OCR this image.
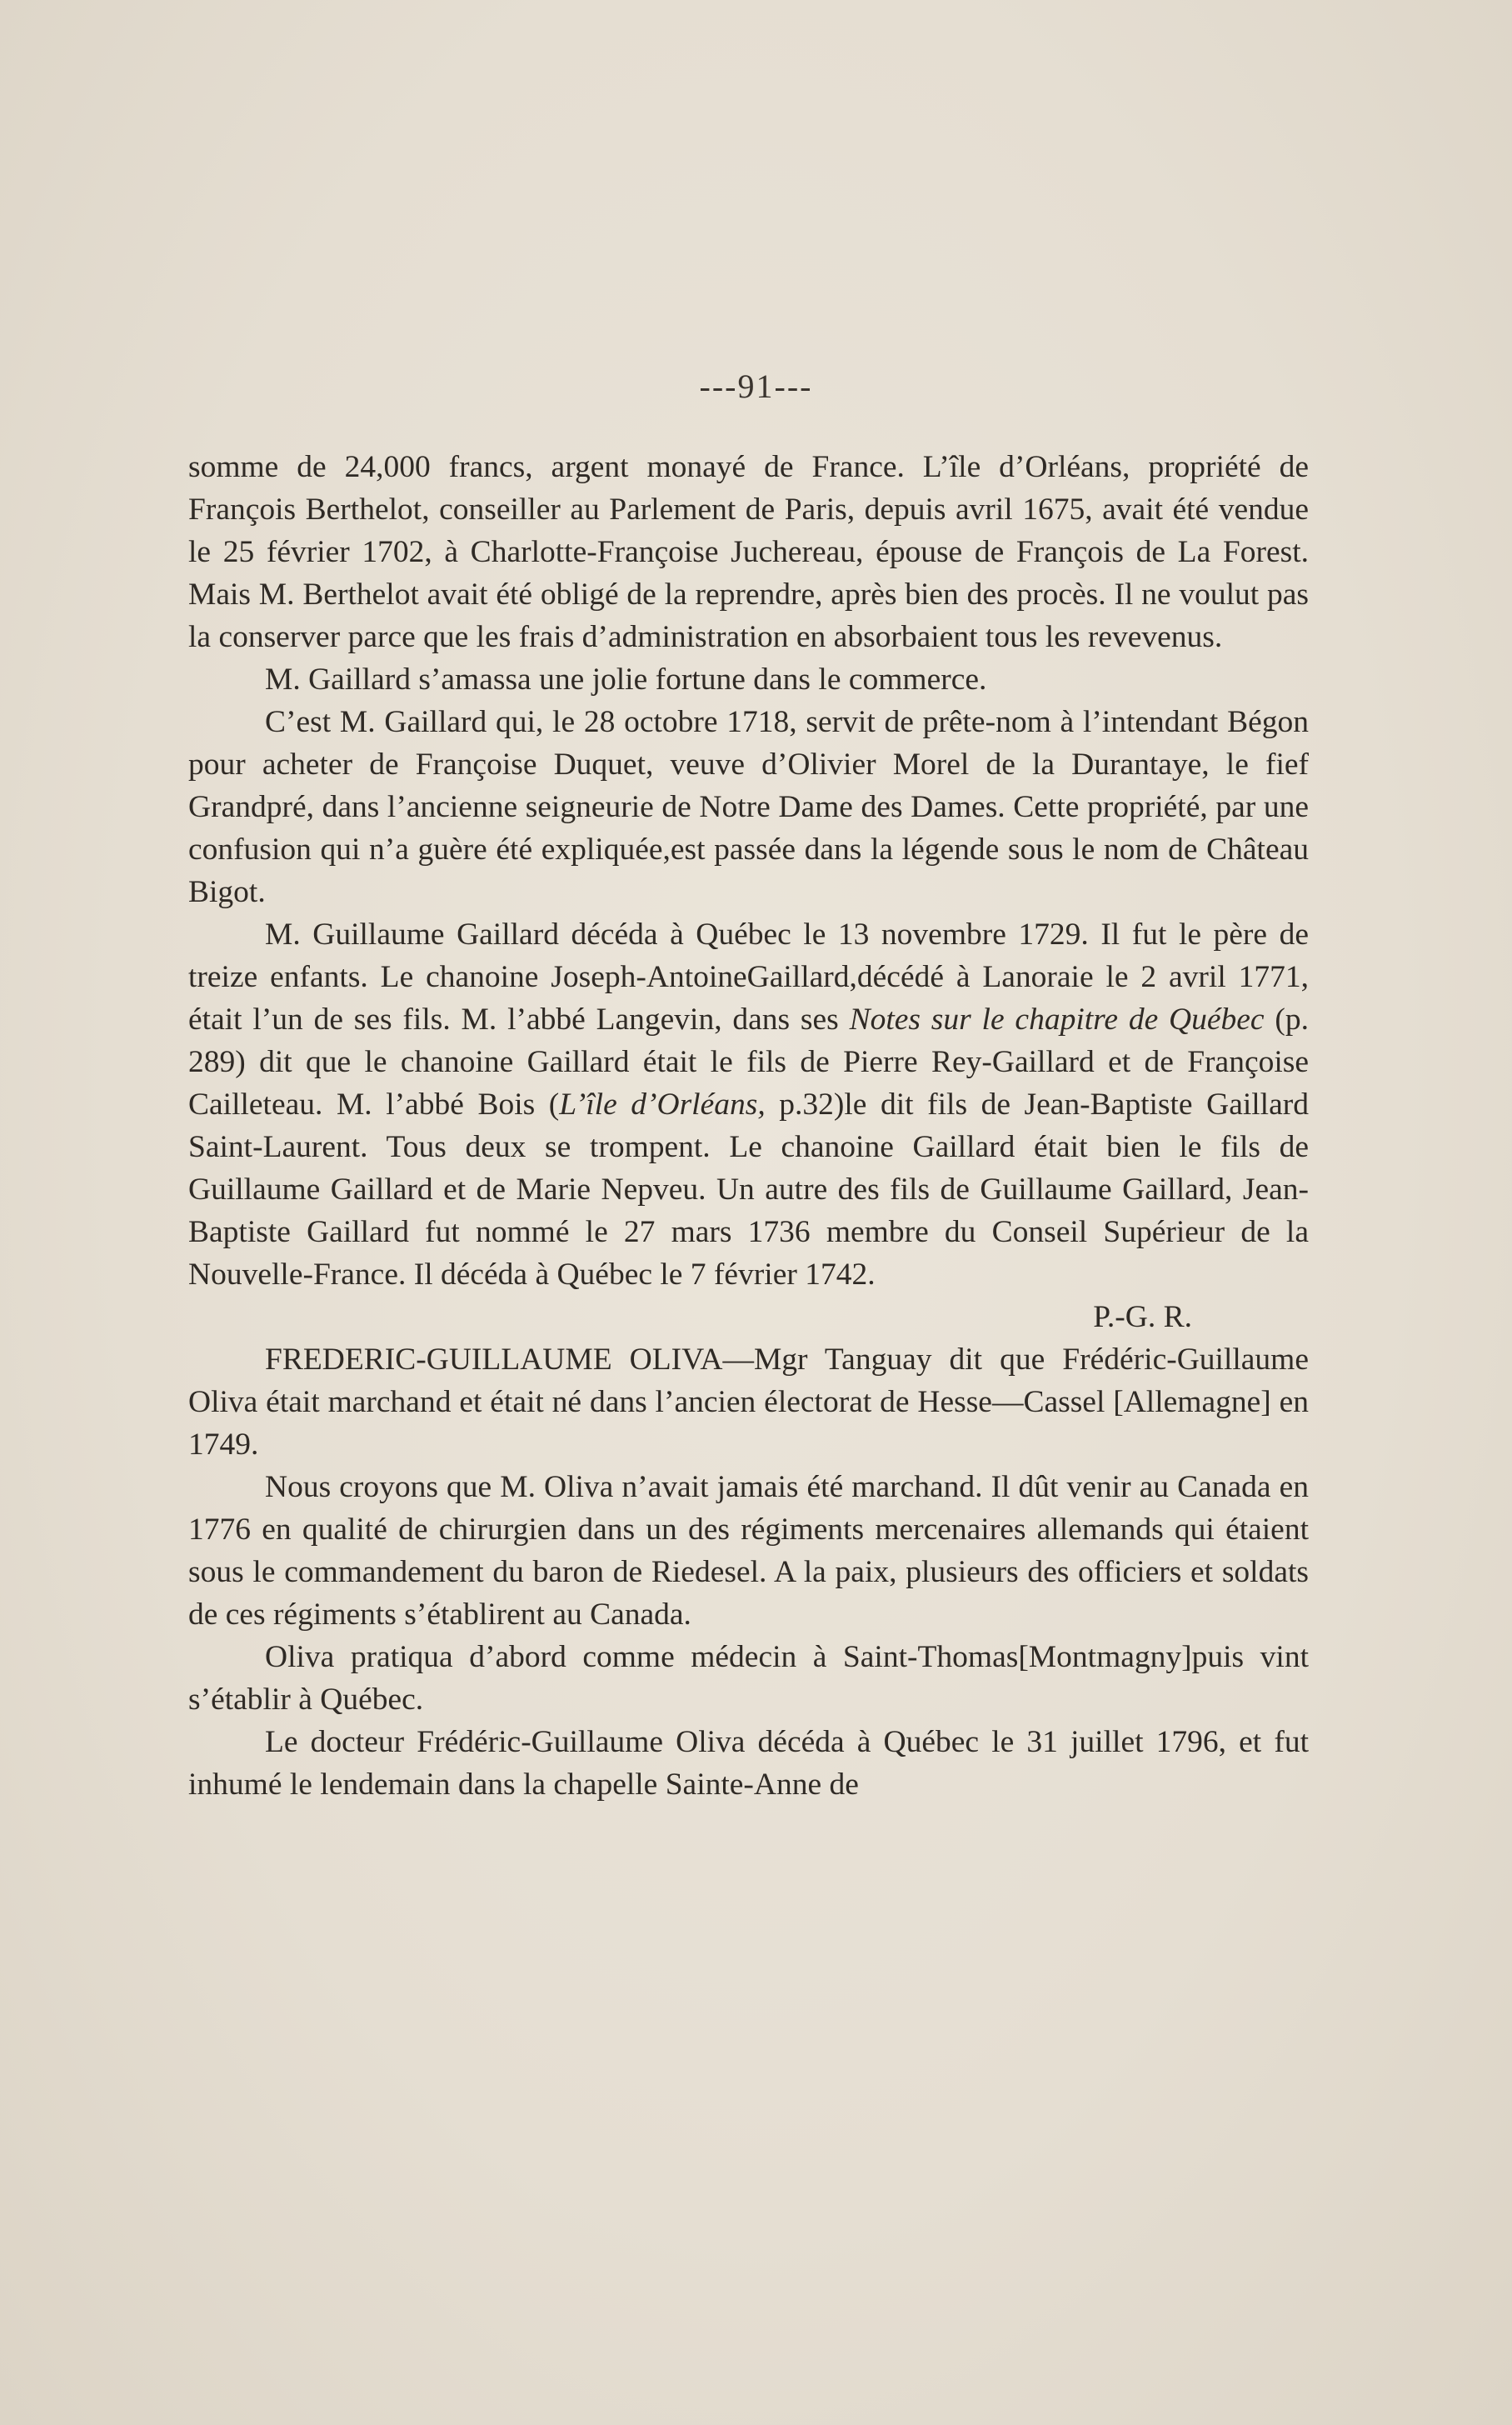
---91---

somme de 24,000 francs, argent monayé de France. L’île d’Orléans, propriété de François Berthelot, conseiller au Parlement de Paris, depuis avril 1675, avait été vendue le 25 février 1702, à Charlotte-Françoise Juchereau, épouse de François de La Forest. Mais M. Berthelot avait été obligé de la reprendre, après bien des procès. Il ne voulut pas la conserver parce que les frais d’administration en absorbaient tous les revevenus.

M. Gaillard s’amassa une jolie fortune dans le commerce.

C’est M. Gaillard qui, le 28 octobre 1718, servit de prête-nom à l’intendant Bégon pour acheter de Françoise Duquet, veuve d’Olivier Morel de la Durantaye, le fief Grandpré, dans l’ancienne seigneurie de Notre Dame des Dames. Cette propriété, par une confusion qui n’a guère été expliquée,est passée dans la légende sous le nom de Château Bigot.

M. Guillaume Gaillard décéda à Québec le 13 novembre 1729. Il fut le père de treize enfants. Le chanoine Joseph-AntoineGaillard,décédé à Lanoraie le 2 avril 1771, était l’un de ses fils. M. l’abbé Langevin, dans ses Notes sur le chapitre de Québec (p. 289) dit que le chanoine Gaillard était le fils de Pierre Rey-Gaillard et de Françoise Cailleteau. M. l’abbé Bois (L’île d’Orléans, p.32)le dit fils de Jean-Baptiste Gaillard Saint-Laurent. Tous deux se trompent. Le chanoine Gaillard était bien le fils de Guillaume Gaillard et de Marie Nepveu. Un autre des fils de Guillaume Gaillard, Jean-Baptiste Gaillard fut nommé le 27 mars 1736 membre du Conseil Supérieur de la Nouvelle-France. Il décéda à Québec le 7 février 1742.

P.-G. R.

FREDERIC-GUILLAUME OLIVA—Mgr Tanguay dit que Frédéric-Guillaume Oliva était marchand et était né dans l’ancien électorat de Hesse—Cassel [Allemagne] en 1749.

Nous croyons que M. Oliva n’avait jamais été marchand. Il dût venir au Canada en 1776 en qualité de chirurgien dans un des régiments mercenaires allemands qui étaient sous le commandement du baron de Riedesel. A la paix, plusieurs des officiers et soldats de ces régiments s’établirent au Canada.

Oliva pratiqua d’abord comme médecin à Saint-Thomas[Montmagny]puis vint s’établir à Québec.

Le docteur Frédéric-Guillaume Oliva décéda à Québec le 31 juillet 1796, et fut inhumé le lendemain dans la chapelle Sainte-Anne de
